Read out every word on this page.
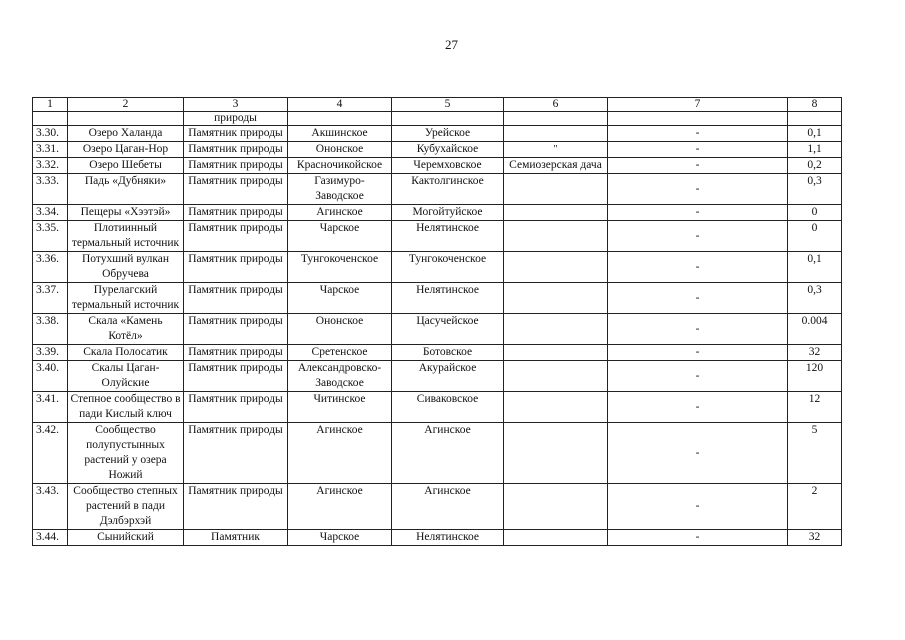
27
1	2	3	4	5	6	7	8
		природы					
3.30.	Озеро Халанда	Памятник природы	Акшинское	Урейское		-	0,1
3.31.	Озеро Цаган-Нор	Памятник природы	Ононское	Кубухайское	"	-	1,1
3.32.	Озеро Шебеты	Памятник природы	Красночикойское	Черемховское	Семиозерская дача	-	0,2
3.33.	Падь «Дубняки»	Памятник природы	Газимуро-Заводское	Кактолгинское		-	0,3
3.34.	Пещеры «Хээтэй»	Памятник природы	Агинское	Могойтуйское		-	0
3.35.	Плотиинный термальный источник	Памятник природы	Чарское	Нелятинское		-	0
3.36.	Потухший вулкан Обручева	Памятник природы	Тунгокоченское	Тунгокоченское		-	0,1
3.37.	Пурелагский термальный источник	Памятник природы	Чарское	Нелятинское		-	0,3
3.38.	Скала «Камень Котёл»	Памятник природы	Ононское	Цасучейское		-	0.004
3.39.	Скала Полосатик	Памятник природы	Сретенское	Ботовское		-	32
3.40.	Скалы Цаган-Олуйские	Памятник природы	Александровско-Заводское	Акурайское		-	120
3.41.	Степное сообщество в пади Кислый ключ	Памятник природы	Читинское	Сиваковское		-	12
3.42.	Сообщество полупустынных растений у озера Ножий	Памятник природы	Агинское	Агинское		-	5
3.43.	Сообщество степных растений в пади Дэлбэрхэй	Памятник природы	Агинское	Агинское		-	2
3.44.	Сынийский	Памятник	Чарское	Нелятинское		-	32
